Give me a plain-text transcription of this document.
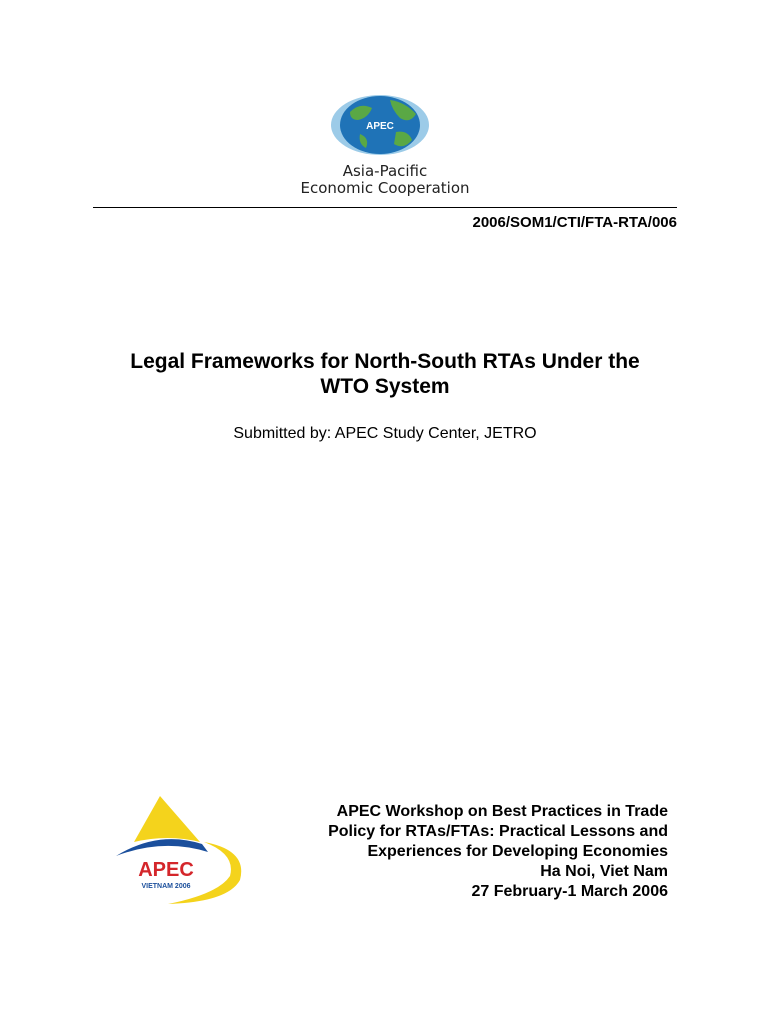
APEC
Asia-Pacific
Economic Cooperation
2006/SOM1/CTI/FTA-RTA/006
Legal Frameworks for North-South RTAs Under the
WTO System
Submitted by: APEC Study Center, JETRO
APEC
VIETNAM 2006
APEC Workshop on Best Practices in Trade
Policy for RTAs/FTAs: Practical Lessons and
Experiences for Developing Economies
Ha Noi, Viet Nam
27 February-1 March 2006
